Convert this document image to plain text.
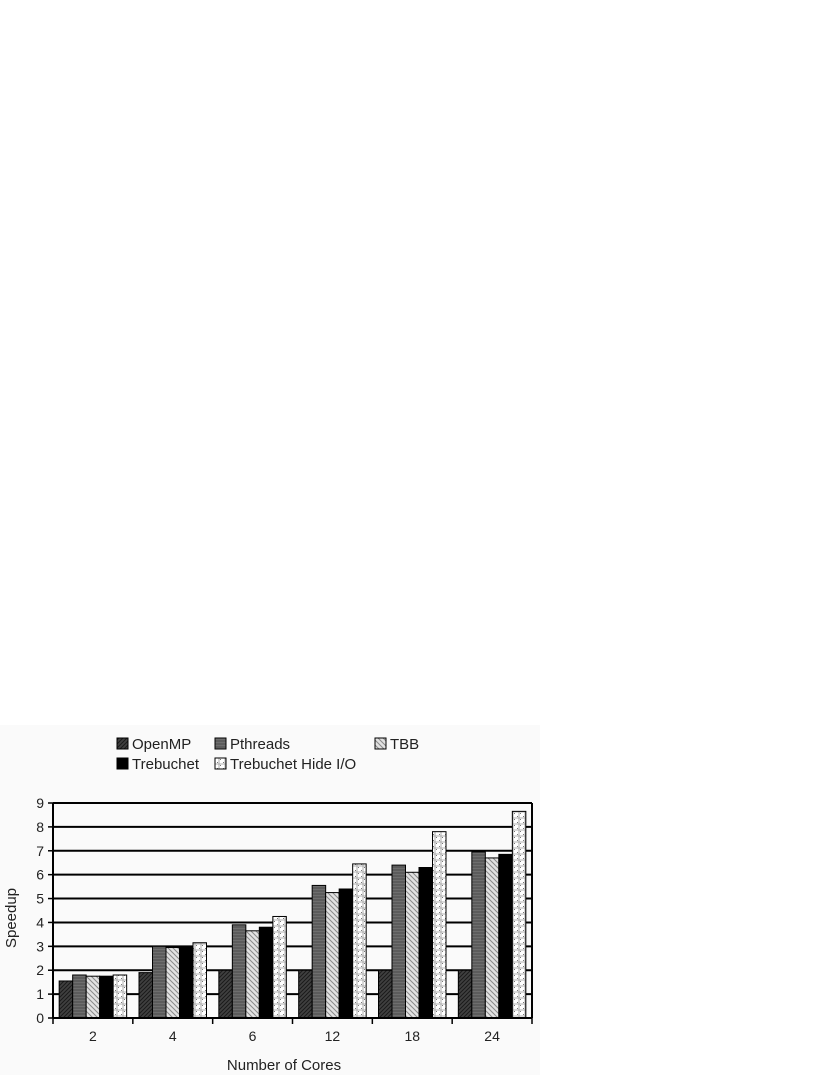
OpenMP	Pthreads	TBB
Trebuchet Trebuchet Hide I/O
0
1
2
3
4
5
6
7
8
9
2	4	6	12	18	24
Speedup
Number of Cores
